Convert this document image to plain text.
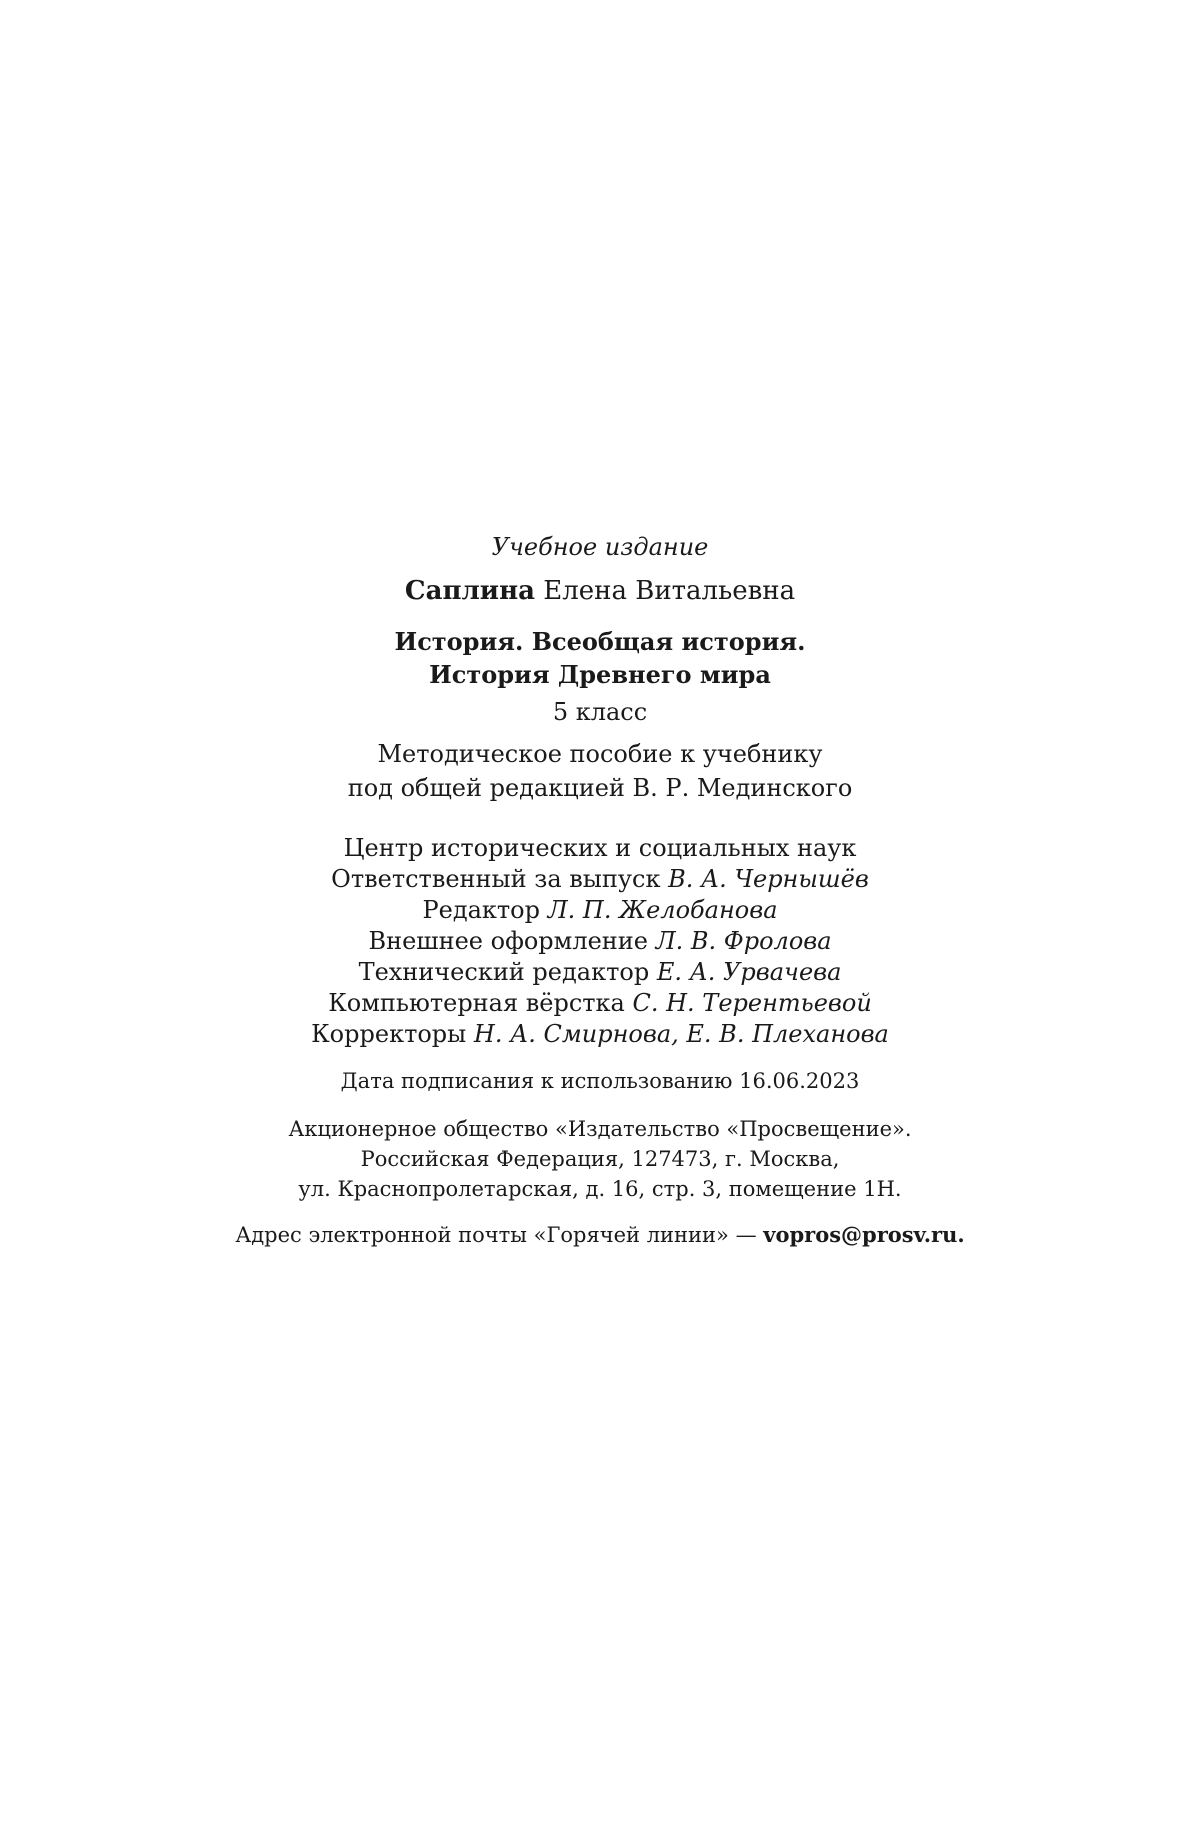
Учебное издание
Саплина Елена Витальевна
История. Всеобщая история.
История Древнего мира
5 класс
Методическое пособие к учебнику
под общей редакцией В. Р. Мединского
Центр исторических и социальных наук
Ответственный за выпуск В. А. Чернышёв
Редактор Л. П. Желобанова
Внешнее оформление Л. В. Фролова
Технический редактор Е. А. Урвачева
Компьютерная вёрстка С. Н. Терентьевой
Корректоры Н. А. Смирнова, Е. В. Плеханова
Дата подписания к использованию 16.06.2023
Акционерное общество «Издательство «Просвещение».
Российская Федерация, 127473, г. Москва,
ул. Краснопролетарская, д. 16, стр. 3, помещение 1Н.
Адрес электронной почты «Горячей линии» — vopros@prosv.ru.
